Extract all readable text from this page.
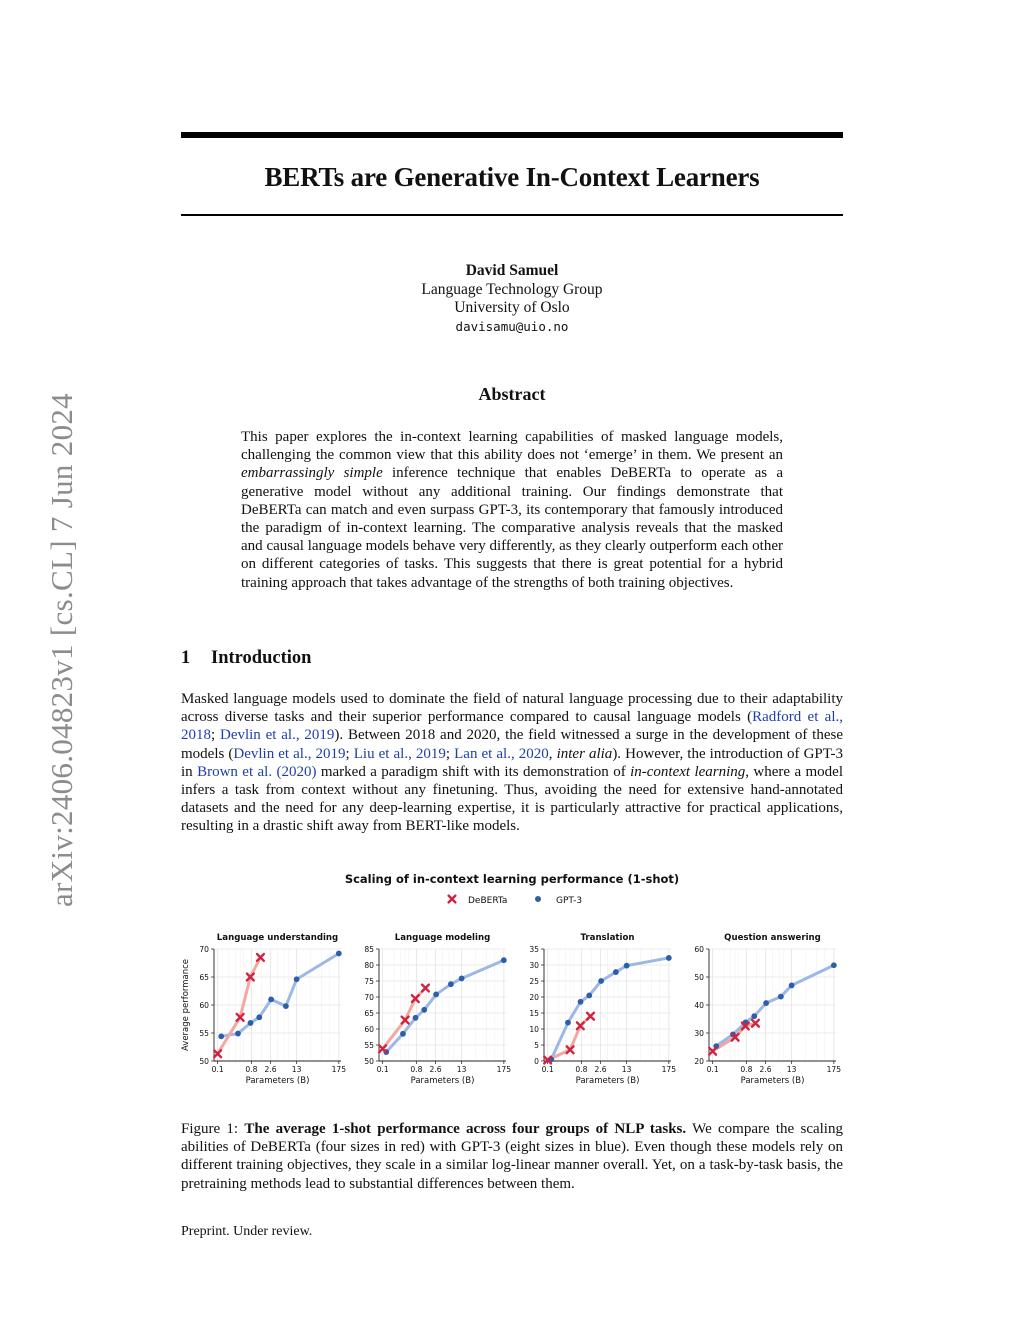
BERTs are Generative In-Context Learners
arXiv:2406.04823v1 [cs.CL] 7 Jun 2024
David Samuel
Language Technology Group
University of Oslo
davisamu@uio.no
Abstract
This paper explores the in-context learning capabilities of masked language models, challenging the common view that this ability does not ‘emerge’ in them. We present an embarrassingly simple inference technique that enables DeBERTa to operate as a generative model without any additional training. Our findings demonstrate that DeBERTa can match and even surpass GPT-3, its contemporary that famously introduced the paradigm of in-context learning. The comparative analysis reveals that the masked and causal language models behave very differently, as they clearly outperform each other on different categories of tasks. This suggests that there is great potential for a hybrid training approach that takes advantage of the strengths of both training objectives.
1 Introduction
Masked language models used to dominate the field of natural language processing due to their adaptability across diverse tasks and their superior performance compared to causal language models (Radford et al., 2018; Devlin et al., 2019). Between 2018 and 2020, the field witnessed a surge in the development of these models (Devlin et al., 2019; Liu et al., 2019; Lan et al., 2020, inter alia). However, the introduction of GPT-3 in Brown et al. (2020) marked a paradigm shift with its demonstration of in-context learning, where a model infers a task from context without any finetuning. Thus, avoiding the need for extensive hand-annotated datasets and the need for any deep-learning expertise, it is particularly attractive for practical applications, resulting in a drastic shift away from BERT-like models.
Scaling of in-context learning performance (1-shot)
DeBERTa	GPT-3
Average performance
Language understanding
0.1	0.8 2.6 13	175
50
55
60
65
70
Parameters (B)
Language modeling
0.1	0.8 2.6 13	175
50
55
60
65
70
75
80
85
Parameters (B)
Translation
0.1	0.8 2.6 13	175
0
5
10
15
20
25
30
35
Parameters (B)
Question answering
0.1	0.8 2.6 13	175
20
30
40
50
60
Parameters (B)
Figure 1: The average 1-shot performance across four groups of NLP tasks. We compare the scaling abilities of DeBERTa (four sizes in red) with GPT-3 (eight sizes in blue). Even though these models rely on different training objectives, they scale in a similar log-linear manner overall. Yet, on a task-by-task basis, the pretraining methods lead to substantial differences between them.
Preprint. Under review.
